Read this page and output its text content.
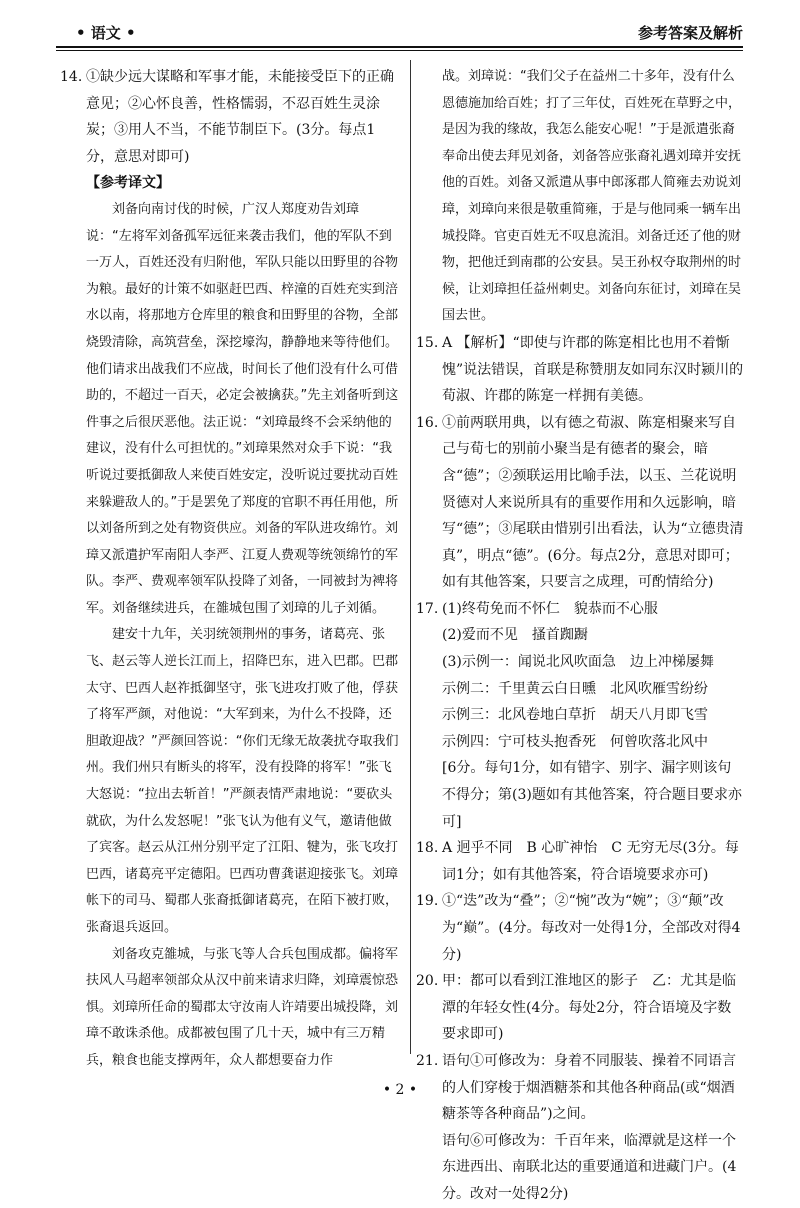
• 语文 •	参考答案及解析
14. ①缺少远大谋略和军事才能，未能接受臣下的正确意见；②心怀良善，性格懦弱，不忍百姓生灵涂炭；③用人不当，不能节制臣下。(3分。每点1分，意思对即可)

【参考译文】

刘备向南讨伐的时候，广汉人郑度劝告刘璋说：“左将军刘备孤军远征来袭击我们，他的军队不到一万人，百姓还没有归附他，军队只能以田野里的谷物为粮。最好的计策不如驱赶巴西、梓潼的百姓充实到涪水以南，将那地方仓库里的粮食和田野里的谷物，全部烧毁清除，高筑营垒，深挖壕沟，静静地来等待他们。他们请求出战我们不应战，时间长了他们没有什么可借助的，不超过一百天，必定会被擒获。”先主刘备听到这件事之后很厌恶他。法正说：“刘璋最终不会采纳他的建议，没有什么可担忧的。”刘璋果然对众手下说：“我听说过要抵御敌人来使百姓安定，没听说过要扰动百姓来躲避敌人的。”于是罢免了郑度的官职不再任用他，所以刘备所到之处有物资供应。刘备的军队进攻绵竹。刘璋又派遣护军南阳人李严、江夏人费观等统领绵竹的军队。李严、费观率领军队投降了刘备，一同被封为裨将军。刘备继续进兵，在雒城包围了刘璋的儿子刘循。

建安十九年，关羽统领荆州的事务，诸葛亮、张飞、赵云等人逆长江而上，招降巴东，进入巴郡。巴郡太守、巴西人赵祚抵御坚守，张飞进攻打败了他，俘获了将军严颜，对他说：“大军到来，为什么不投降，还胆敢迎战？”严颜回答说：“你们无缘无故袭扰夺取我们州。我们州只有断头的将军，没有投降的将军！”张飞大怒说：“拉出去斩首！”严颜表情严肃地说：“要砍头就砍，为什么发怒呢！”张飞认为他有义气，邀请他做了宾客。赵云从江州分别平定了江阳、犍为，张飞攻打巴西，诸葛亮平定德阳。巴西功曹龚谌迎接张飞。刘璋帐下的司马、蜀郡人张裔抵御诸葛亮，在陌下被打败，张裔退兵返回。

刘备攻克雒城，与张飞等人合兵包围成都。偏将军扶风人马超率领部众从汉中前来请求归降，刘璋震惊恐惧。刘璋所任命的蜀郡太守汝南人许靖要出城投降，刘璋不敢诛杀他。成都被包围了几十天，城中有三万精兵，粮食也能支撑两年，众人都想要奋力作

战。刘璋说：“我们父子在益州二十多年，没有什么恩德施加给百姓；打了三年仗，百姓死在草野之中，是因为我的缘故，我怎么能安心呢！”于是派遣张裔奉命出使去拜见刘备，刘备答应张裔礼遇刘璋并安抚他的百姓。刘备又派遣从事中郎涿郡人简雍去劝说刘璋，刘璋向来很是敬重简雍，于是与他同乘一辆车出城投降。官吏百姓无不叹息流泪。刘备迁还了他的财物，把他迁到南郡的公安县。吴王孙权夺取荆州的时候，让刘璋担任益州刺史。刘备向东征讨，刘璋在吴国去世。

15. A 【解析】“即使与许郡的陈寔相比也用不着惭愧”说法错误，首联是称赞朋友如同东汉时颍川的荀淑、许郡的陈寔一样拥有美德。

16. ①前两联用典，以有德之荀淑、陈寔相聚来写自己与荀七的别前小聚当是有德者的聚会，暗含“德”；②颈联运用比喻手法，以玉、兰花说明贤德对人来说所具有的重要作用和久远影响，暗写“德”；③尾联由惜别引出看法，认为“立德贵清真”，明点“德”。(6分。每点2分，意思对即可；如有其他答案，只要言之成理，可酌情给分)

17. (1)终苟免而不怀仁　貌恭而不心服

(2)爱而不见　搔首踟蹰

(3)示例一：闻说北风吹面急　边上冲梯屡舞

示例二：千里黄云白日曛　北风吹雁雪纷纷

示例三：北风卷地白草折　胡天八月即飞雪

示例四：宁可枝头抱香死　何曾吹落北风中

[6分。每句1分，如有错字、别字、漏字则该句不得分；第(3)题如有其他答案，符合题目要求亦可]

18. A 迥乎不同　B 心旷神怡　C 无穷无尽(3分。每词1分；如有其他答案，符合语境要求亦可)

19. ①“迭”改为“叠”；②“惋”改为“婉”；③“颠”改为“巅”。(4分。每改对一处得1分，全部改对得4分)

20. 甲：都可以看到江淮地区的影子　乙：尤其是临潭的年轻女性(4分。每处2分，符合语境及字数要求即可)

21. 语句①可修改为：身着不同服装、操着不同语言的人们穿梭于烟酒糖茶和其他各种商品(或“烟酒糖茶等各种商品”)之间。

语句⑥可修改为：千百年来，临潭就是这样一个东进西出、南联北达的重要通道和进藏门户。(4分。改对一处得2分)

• 2 •
